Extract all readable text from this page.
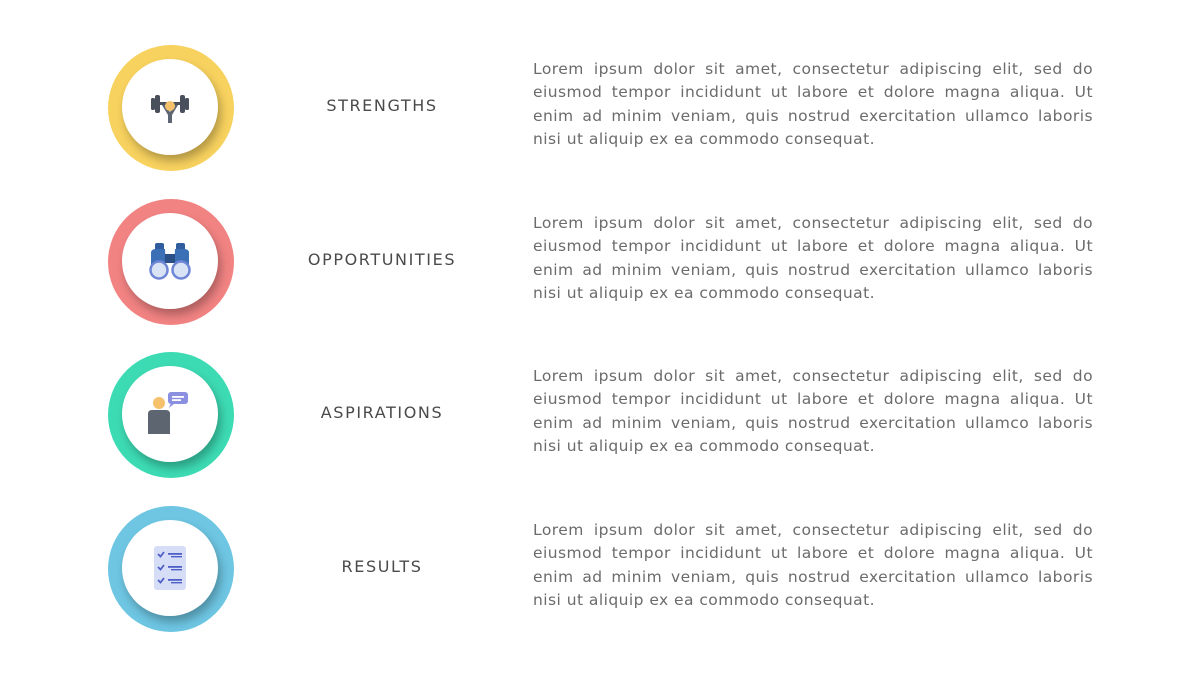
STRENGTHS

Lorem ipsum dolor sit amet, consectetur adipiscing elit, sed do eiusmod tempor incididunt ut labore et dolore magna aliqua. Ut enim ad minim veniam, quis nostrud exercitation ullamco laboris nisi ut aliquip ex ea commodo consequat.

OPPORTUNITIES

Lorem ipsum dolor sit amet, consectetur adipiscing elit, sed do eiusmod tempor incididunt ut labore et dolore magna aliqua. Ut enim ad minim veniam, quis nostrud exercitation ullamco laboris nisi ut aliquip ex ea commodo consequat.

ASPIRATIONS

Lorem ipsum dolor sit amet, consectetur adipiscing elit, sed do eiusmod tempor incididunt ut labore et dolore magna aliqua. Ut enim ad minim veniam, quis nostrud exercitation ullamco laboris nisi ut aliquip ex ea commodo consequat.

RESULTS

Lorem ipsum dolor sit amet, consectetur adipiscing elit, sed do eiusmod tempor incididunt ut labore et dolore magna aliqua. Ut enim ad minim veniam, quis nostrud exercitation ullamco laboris nisi ut aliquip ex ea commodo consequat.
